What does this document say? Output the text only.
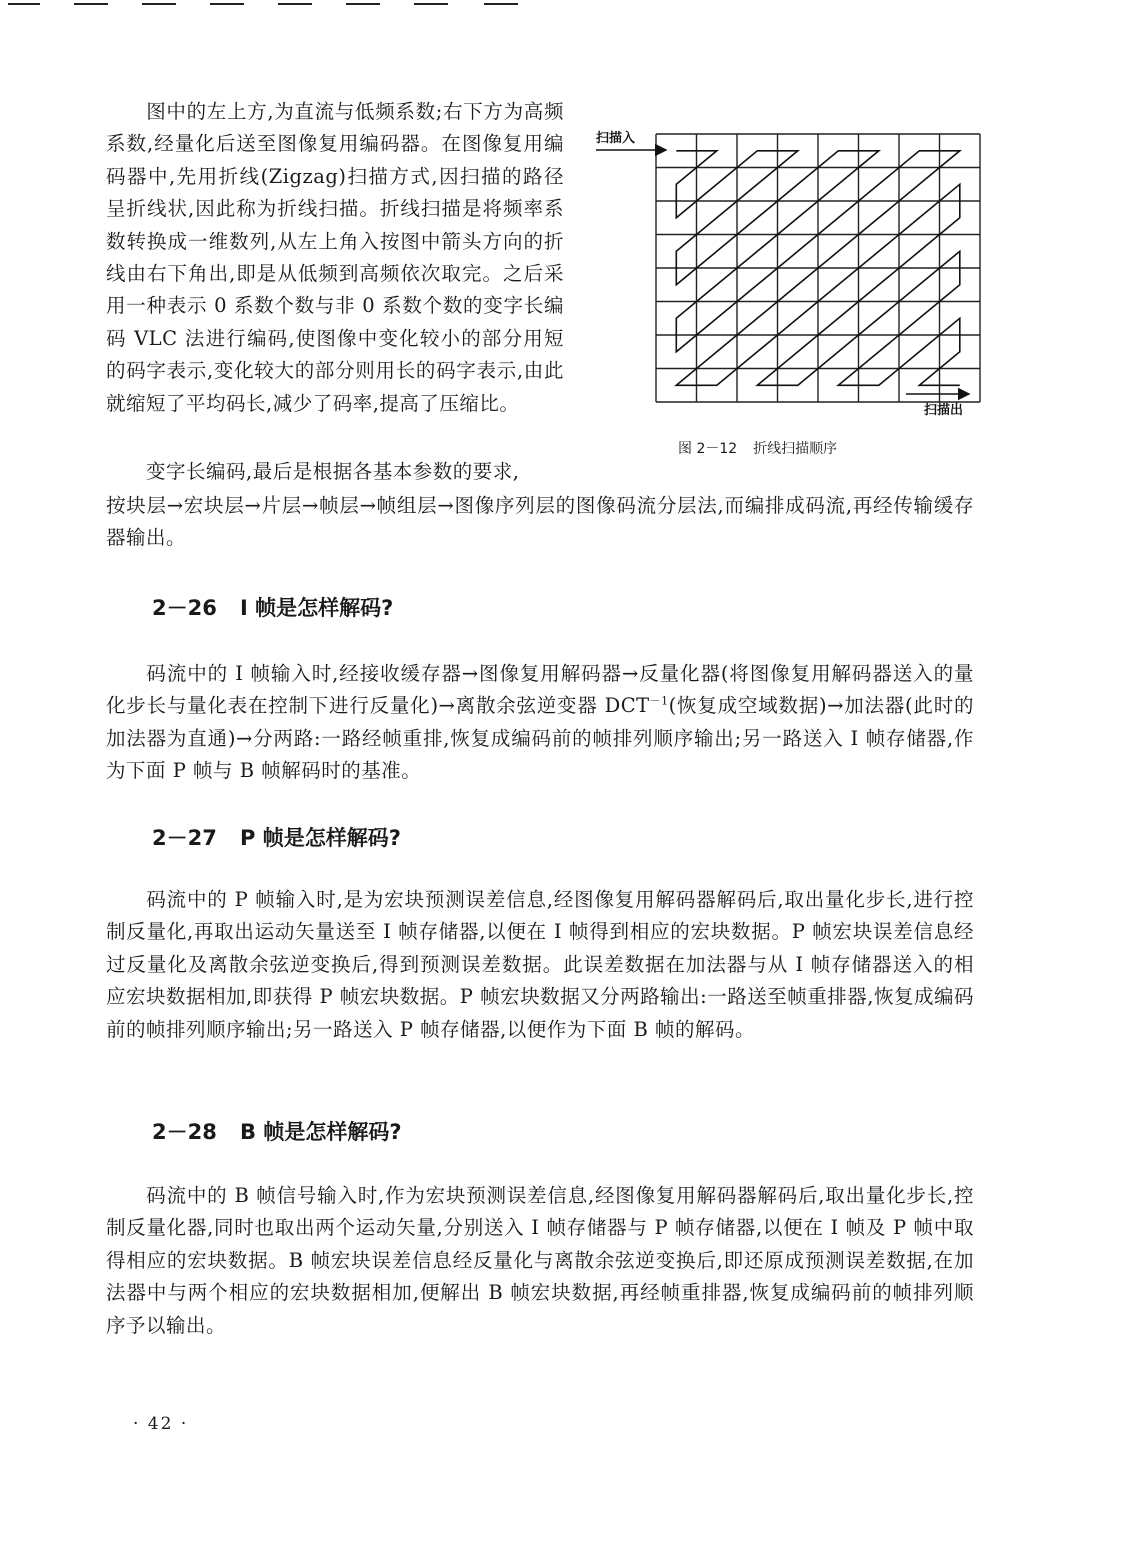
图中的左上方,为直流与低频系数;右下方为高频系数,经量化后送至图像复用编码器。在图像复用编码器中,先用折线(Zigzag)扫描方式,因扫描的路径呈折线状,因此称为折线扫描。折线扫描是将频率系数转换成一维数列,从左上角入按图中箭头方向的折线由右下角出,即是从低频到高频依次取完。之后采用一种表示 0 系数个数与非 0 系数个数的变字长编码 VLC 法进行编码,使图像中变化较小的部分用短的码字表示,变化较大的部分则用长的码字表示,由此就缩短了平均码长,减少了码率,提高了压缩比。

变字长编码,最后是根据各基本参数的要求,

按块层→宏块层→片层→帧层→帧组层→图像序列层的图像码流分层法,而编排成码流,再经传输缓存器输出。

扫描入
扫描出
图 2－12 折线扫描顺序
2－26 I 帧是怎样解码?

码流中的 I 帧输入时,经接收缓存器→图像复用解码器→反量化器(将图像复用解码器送入的量化步长与量化表在控制下进行反量化)→离散余弦逆变器 $DCT^{-1}$(恢复成空域数据)→加法器(此时的加法器为直通)→分两路:一路经帧重排,恢复成编码前的帧排列顺序输出;另一路送入 I 帧存储器,作为下面 P 帧与 B 帧解码时的基准。

2－27 P 帧是怎样解码?

码流中的 P 帧输入时,是为宏块预测误差信息,经图像复用解码器解码后,取出量化步长,进行控制反量化,再取出运动矢量送至 I 帧存储器,以便在 I 帧得到相应的宏块数据。P 帧宏块误差信息经过反量化及离散余弦逆变换后,得到预测误差数据。此误差数据在加法器与从 I 帧存储器送入的相应宏块数据相加,即获得 P 帧宏块数据。P 帧宏块数据又分两路输出:一路送至帧重排器,恢复成编码前的帧排列顺序输出;另一路送入 P 帧存储器,以便作为下面 B 帧的解码。

2－28 B 帧是怎样解码?

码流中的 B 帧信号输入时,作为宏块预测误差信息,经图像复用解码器解码后,取出量化步长,控制反量化器,同时也取出两个运动矢量,分别送入 I 帧存储器与 P 帧存储器,以便在 I 帧及 P 帧中取得相应的宏块数据。B 帧宏块误差信息经反量化与离散余弦逆变换后,即还原成预测误差数据,在加法器中与两个相应的宏块数据相加,便解出 B 帧宏块数据,再经帧重排器,恢复成编码前的帧排列顺序予以输出。

· 42 ·
